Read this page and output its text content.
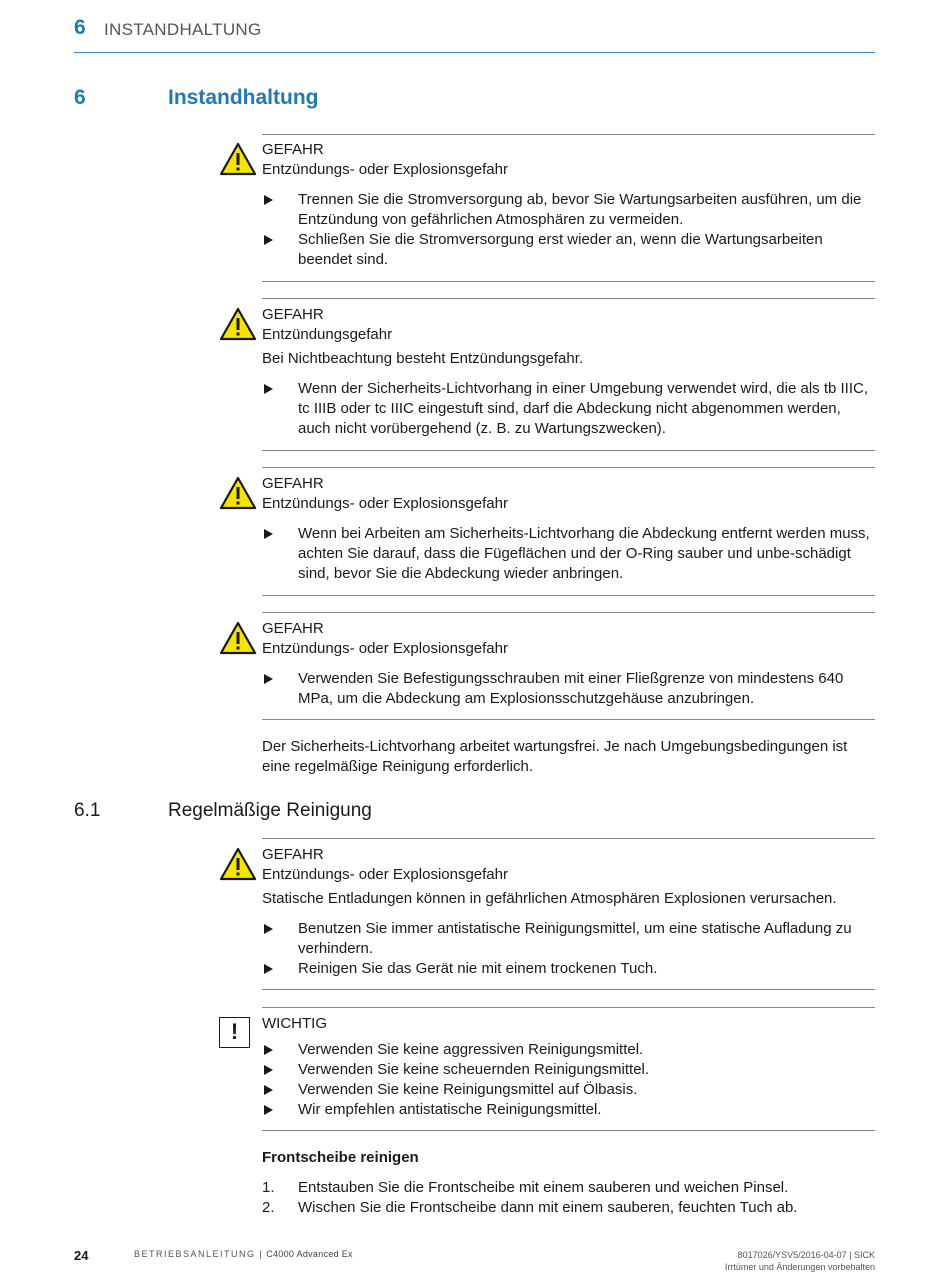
6 INSTANDHALTUNG
6	Instandhaltung
GEFAHR
Entzündungs- oder Explosionsgefahr
Trennen Sie die Stromversorgung ab, bevor Sie Wartungsarbeiten ausführen, um die Entzündung von gefährlichen Atmosphären zu vermeiden.
Schließen Sie die Stromversorgung erst wieder an, wenn die Wartungsarbeiten beendet sind.
GEFAHR
Entzündungsgefahr
Bei Nichtbeachtung besteht Entzündungsgefahr.
Wenn der Sicherheits-Lichtvorhang in einer Umgebung verwendet wird, die als tb IIIC, tc IIIB oder tc IIIC eingestuft sind, darf die Abdeckung nicht abgenommen werden, auch nicht vorübergehend (z. B. zu Wartungszwecken).
GEFAHR
Entzündungs- oder Explosionsgefahr
Wenn bei Arbeiten am Sicherheits-Lichtvorhang die Abdeckung entfernt werden muss, achten Sie darauf, dass die Fügeflächen und der O-Ring sauber und unbe-schädigt sind, bevor Sie die Abdeckung wieder anbringen.
GEFAHR
Entzündungs- oder Explosionsgefahr
Verwenden Sie Befestigungsschrauben mit einer Fließgrenze von mindestens 640 MPa, um die Abdeckung am Explosionsschutzgehäuse anzubringen.
Der Sicherheits-Lichtvorhang arbeitet wartungsfrei. Je nach Umgebungsbedingungen ist eine regelmäßige Reinigung erforderlich.
6.1	Regelmäßige Reinigung
GEFAHR
Entzündungs- oder Explosionsgefahr
Statische Entladungen können in gefährlichen Atmosphären Explosionen verursachen.
Benutzen Sie immer antistatische Reinigungsmittel, um eine statische Aufladung zu verhindern.
Reinigen Sie das Gerät nie mit einem trockenen Tuch.
!	WICHTIG
Verwenden Sie keine aggressiven Reinigungsmittel.
Verwenden Sie keine scheuernden Reinigungsmittel.
Verwenden Sie keine Reinigungsmittel auf Ölbasis.
Wir empfehlen antistatische Reinigungsmittel.
Frontscheibe reinigen
1. Entstauben Sie die Frontscheibe mit einem sauberen und weichen Pinsel.
2. Wischen Sie die Frontscheibe dann mit einem sauberen, feuchten Tuch ab.
24	BETRIEBSANLEITUNG | C4000 Advanced Ex	8017026/YSV5/2016-04-07 | SICK
Irrtümer und Änderungen vorbehalten
